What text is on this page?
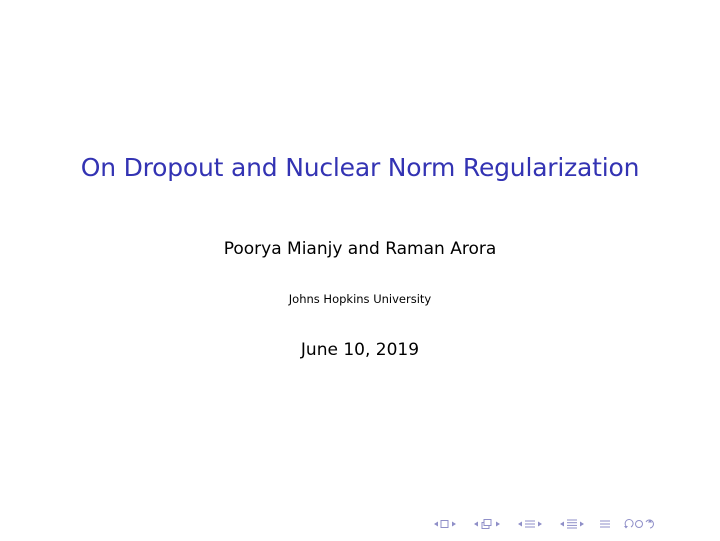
On Dropout and Nuclear Norm Regularization
Poorya Mianjy and Raman Arora
Johns Hopkins University
June 10, 2019
